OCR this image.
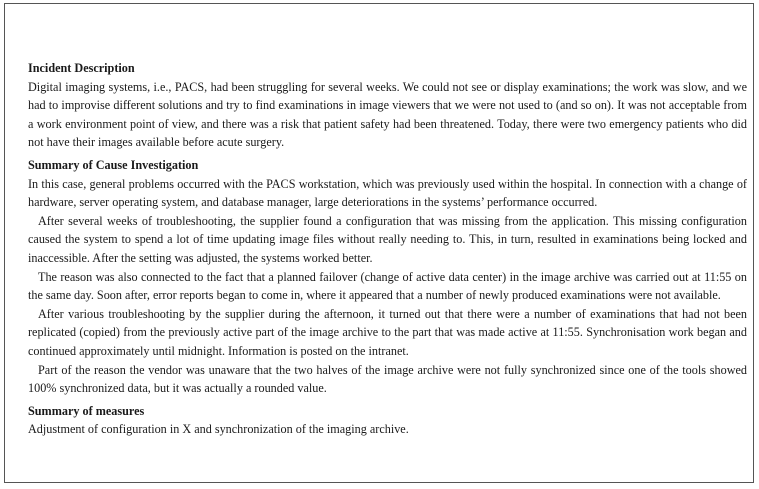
Incident Description

Digital imaging systems, i.e., PACS, had been struggling for several weeks. We could not see or display examinations; the work was slow, and we had to improvise different solutions and try to find examinations in image viewers that we were not used to (and so on). It was not acceptable from a work environment point of view, and there was a risk that patient safety had been threatened. Today, there were two emergency patients who did not have their images available before acute surgery.

Summary of Cause Investigation

In this case, general problems occurred with the PACS workstation, which was previously used within the hospital. In connection with a change of hardware, server operating system, and database manager, large deteriorations in the systems’ performance occurred.

After several weeks of troubleshooting, the supplier found a configuration that was missing from the application. This missing configuration caused the system to spend a lot of time updating image files without really needing to. This, in turn, resulted in examinations being locked and inaccessible. After the setting was adjusted, the systems worked better.

The reason was also connected to the fact that a planned failover (change of active data center) in the image archive was carried out at 11:55 on the same day. Soon after, error reports began to come in, where it appeared that a number of newly produced examinations were not available.

After various troubleshooting by the supplier during the afternoon, it turned out that there were a number of examinations that had not been replicated (copied) from the previously active part of the image archive to the part that was made active at 11:55. Synchronisation work began and continued approximately until midnight. Information is posted on the intranet.

Part of the reason the vendor was unaware that the two halves of the image archive were not fully synchronized since one of the tools showed 100% synchronized data, but it was actually a rounded value.

Summary of measures

Adjustment of configuration in X and synchronization of the imaging archive.
